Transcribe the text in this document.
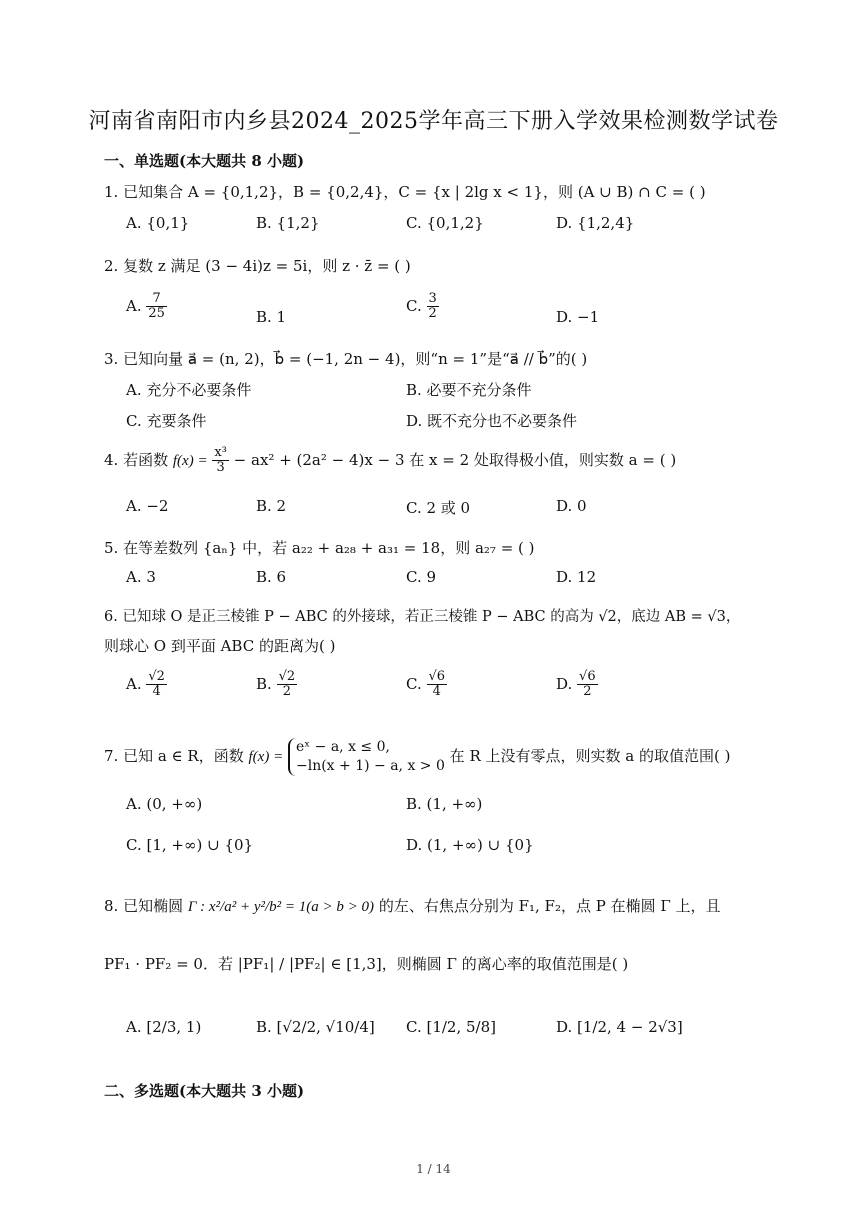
河南省南阳市内乡县2024_2025学年高三下册入学效果检测数学试卷
一、单选题(本大题共 8 小题)
1. 已知集合 A = {0,1,2}，B = {0,2,4}，C = {x | 2lg x < 1}，则 (A ∪ B) ∩ C = ( )
A. {0,1}	B. {1,2}	C. {0,1,2}	D. {1,2,4}
2. 复数 z 满足 (3 − 4i)z = 5i，则 z · z̄ = ( )
A. $\frac{7}{25}$	B. 1
C. $\frac{3}{2}$	D. −1
3. 已知向量 a⃗ = (n, 2)，b⃗ = (−1, 2n − 4)，则“n = 1”是“a⃗ // b⃗”的( )
A. 充分不必要条件	B. 必要不充分条件
C. 充要条件	D. 既不充分也不必要条件
4. 若函数 $f(x) = \frac{\text{x³}}{3} - ax^2 + (2a^2 - 4)x - 3$ 在 x = 2 处取得极小值，则实数 a = ( )
A. −2	B. 2	C. 2 或 0	D. 0
5. 在等差数列 {aₙ} 中，若 a₂₂ + a₂₈ + a₃₁ = 18，则 a₂₇ = ( )
A. 3	B. 6	C. 9	D. 12
6. 已知球 O 是正三棱锥 P − ABC 的外接球，若正三棱锥 P − ABC 的高为 √2，底边 AB = √3，
则球心 O 到平面 ABC 的距离为( )
A. $\frac{√2}{4}$	B. $\frac{√2}{2}$	C. $\frac{√6}{4}$	D. $\frac{√6}{2}$
7. 已知 a ∈ R，函数 f(x) =
eˣ − a, x ≤ 0,
−ln(x + 1) − a, x > 0
在 R 上没有零点，则实数 a 的取值范围( )
A. (0, +∞)	B. (1, +∞)
C. [1, +∞) ∪ {0}	D. (1, +∞) ∪ {0}
8. 已知椭圆 Γ : x²/a² + y²/b² = 1(a > b > 0) 的左、右焦点分别为 F₁, F₂，点 P 在椭圆 Γ 上，且
PF₁ · PF₂ = 0．若 |PF₁| / |PF₂| ∈ [1,3]，则椭圆 Γ 的离心率的取值范围是( )
A. [2/3, 1)	B. [√2/2, √10/4] C. [1/2, 5/8]	D. [1/2, 4 − 2√3]
二、多选题(本大题共 3 小题)
1 / 14
